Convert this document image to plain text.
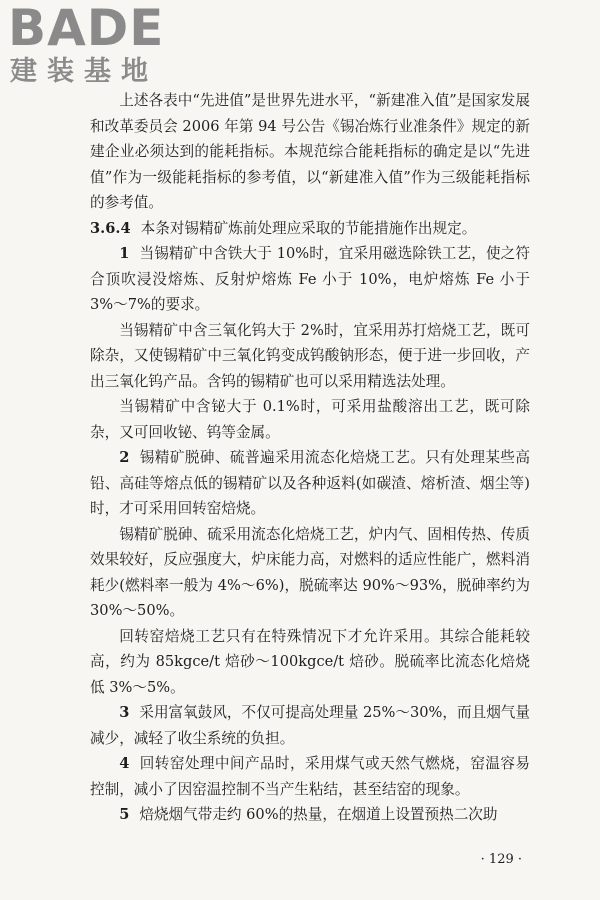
BADE
建装基地

上述各表中“先进值”是世界先进水平，“新建准入值”是国家发展和改革委员会 2006 年第 94 号公告《锡冶炼行业准条件》规定的新建企业必须达到的能耗指标。本规范综合能耗指标的确定是以“先进值”作为一级能耗指标的参考值，以“新建准入值”作为三级能耗指标的参考值。

3.6.4 本条对锡精矿炼前处理应采取的节能措施作出规定。

1 当锡精矿中含铁大于 10%时，宜采用磁选除铁工艺，使之符合顶吹浸没熔炼、反射炉熔炼 Fe 小于 10%，电炉熔炼 Fe 小于 3%～7%的要求。

当锡精矿中含三氧化钨大于 2%时，宜采用苏打焙烧工艺，既可除杂，又使锡精矿中三氧化钨变成钨酸钠形态，便于进一步回收，产出三氧化钨产品。含钨的锡精矿也可以采用精选法处理。

当锡精矿中含铋大于 0.1%时，可采用盐酸溶出工艺，既可除杂，又可回收铋、钨等金属。

2 锡精矿脱砷、硫普遍采用流态化焙烧工艺。只有处理某些高铅、高硅等熔点低的锡精矿以及各种返料(如碳渣、熔析渣、烟尘等)时，才可采用回转窑焙烧。

锡精矿脱砷、硫采用流态化焙烧工艺，炉内气、固相传热、传质效果较好，反应强度大，炉床能力高，对燃料的适应性能广，燃料消耗少(燃料率一般为 4%～6%)，脱硫率达 90%～93%，脱砷率约为 30%～50%。

回转窑焙烧工艺只有在特殊情况下才允许采用。其综合能耗较高，约为 85kgce/t 焙砂～100kgce/t 焙砂。脱硫率比流态化焙烧低 3%～5%。

3 采用富氧鼓风，不仅可提高处理量 25%～30%，而且烟气量减少，减轻了收尘系统的负担。

4 回转窑处理中间产品时，采用煤气或天然气燃烧，窑温容易控制，减小了因窑温控制不当产生粘结，甚至结窑的现象。

5 焙烧烟气带走约 60%的热量，在烟道上设置预热二次助

· 129 ·
